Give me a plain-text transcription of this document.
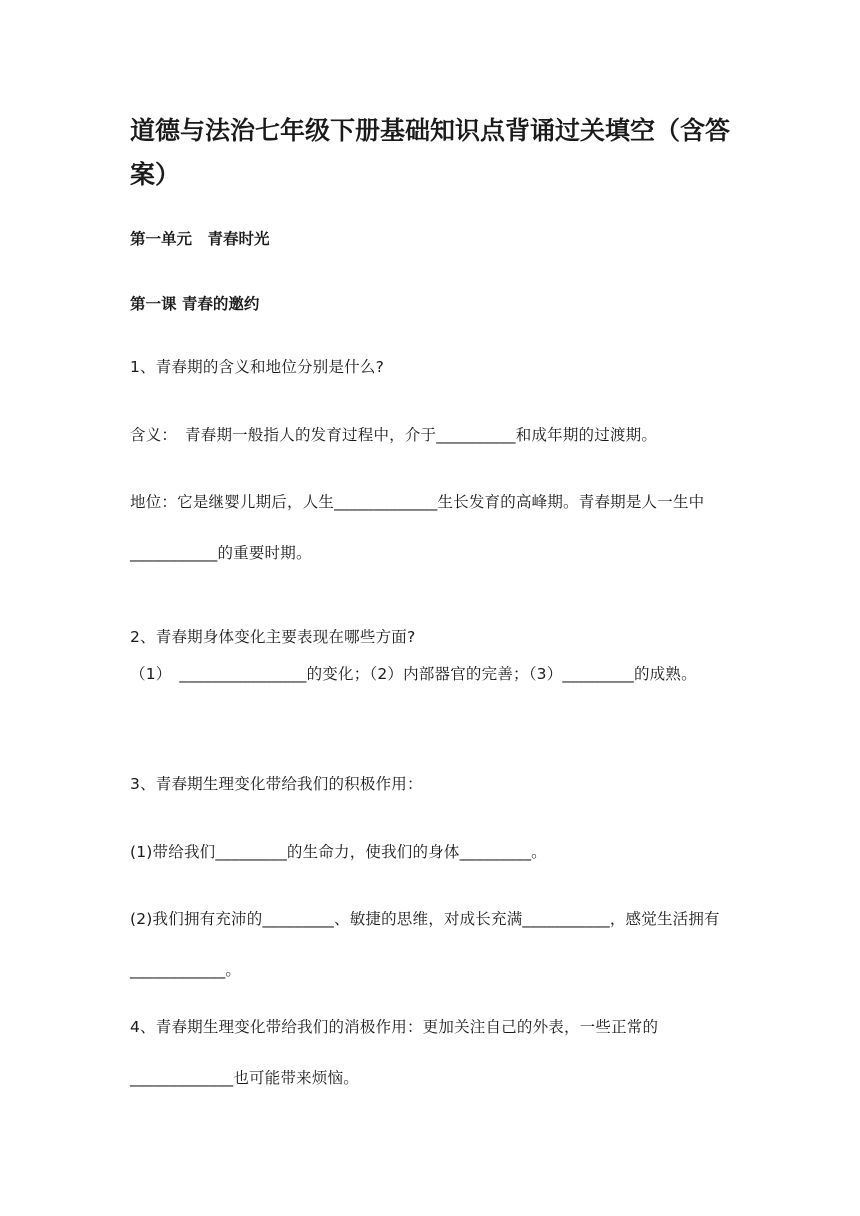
道德与法治七年级下册基础知识点背诵过关填空（含答案）
第一单元　青春时光
第一课 青春的邀约

1、青春期的含义和地位分别是什么?

含义：　青春期一般指人的发育过程中，介于__________和成年期的过渡期。

地位：它是继婴儿期后，人生_____________生长发育的高峰期。青春期是人一生中___________的重要时期。

2、青春期身体变化主要表现在哪些方面?

（1）　________________的变化；（2）内部器官的完善；（3）_________的成熟。

3、青春期生理变化带给我们的积极作用：

(1)带给我们_________的生命力，使我们的身体_________。

(2)我们拥有充沛的_________、敏捷的思维，对成长充满___________，感觉生活拥有____________。

4、青春期生理变化带给我们的消极作用：更加关注自己的外表，一些正常的_____________也可能带来烦恼。
